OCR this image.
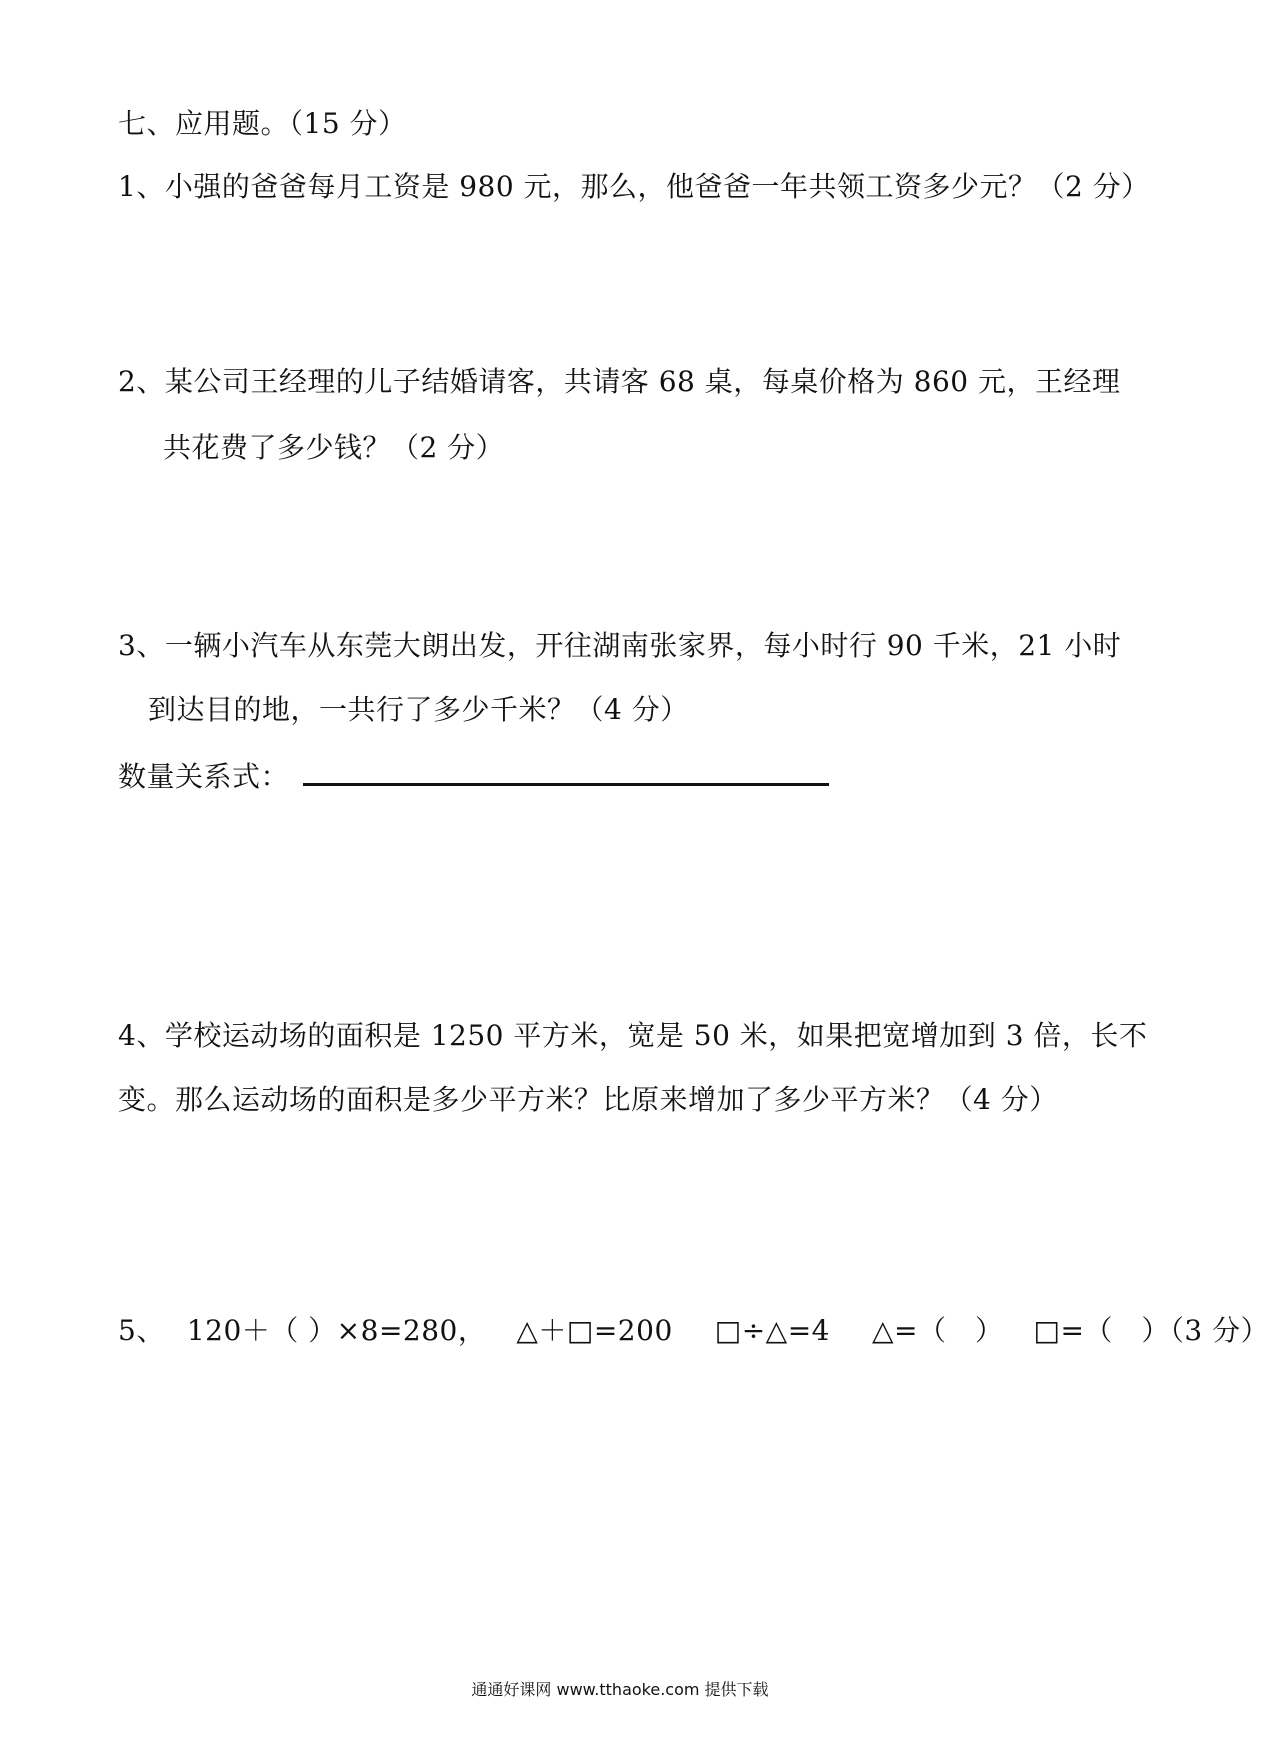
七、应用题。（15 分）
1、小强的爸爸每月工资是 980 元，那么，他爸爸一年共领工资多少元？（2 分）
2、某公司王经理的儿子结婚请客，共请客 68 桌，每桌价格为 860 元，王经理
共花费了多少钱？（2 分）
3、一辆小汽车从东莞大朗出发，开往湖南张家界，每小时行 90 千米，21 小时
到达目的地，一共行了多少千米？（4 分）
数量关系式：
4、学校运动场的面积是 1250 平方米，宽是 50 米，如果把宽增加到 3 倍，长不
变。那么运动场的面积是多少平方米？比原来增加了多少平方米？（4 分）
5、 120＋（ ）×8=280， △＋□=200 □÷△=4 △=（　） □=（　）（3 分）
通通好课网 www.tthaoke.com 提供下载
